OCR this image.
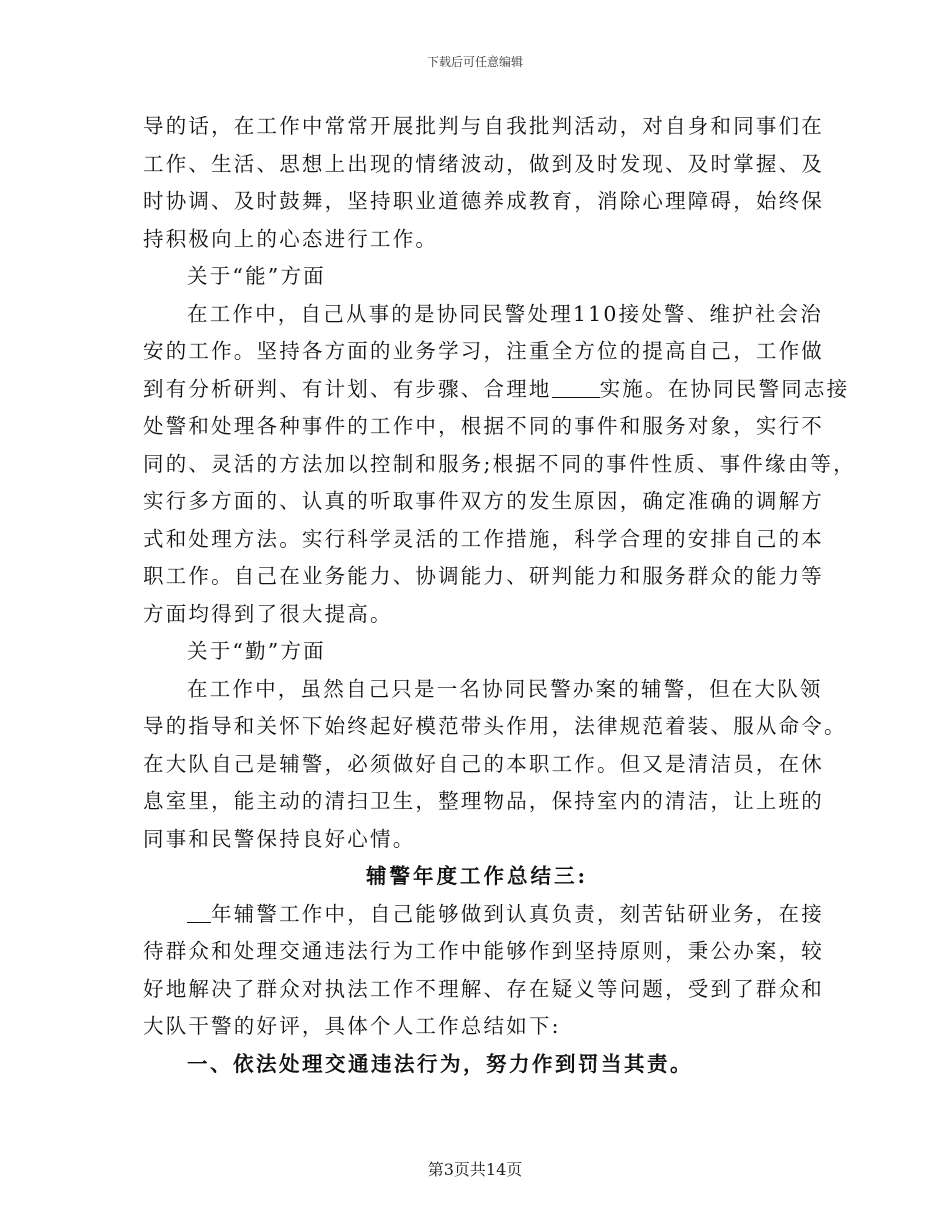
下载后可任意编辑
导的话，在工作中常常开展批判与自我批判活动，对自身和同事们在
工作、生活、思想上出现的情绪波动，做到及时发现、及时掌握、及
时协调、及时鼓舞，坚持职业道德养成教育，消除心理障碍，始终保
持积极向上的心态进行工作。
关于“能”方面
在工作中，自己从事的是协同民警处理110接处警、维护社会治
安的工作。坚持各方面的业务学习，注重全方位的提高自己，工作做
到有分析研判、有计划、有步骤、合理地 实施。在协同民警同志接
处警和处理各种事件的工作中，根据不同的事件和服务对象，实行不
同的、灵活的方法加以控制和服务;根据不同的事件性质、事件缘由等，
实行多方面的、认真的听取事件双方的发生原因，确定准确的调解方
式和处理方法。实行科学灵活的工作措施，科学合理的安排自己的本
职工作。自己在业务能力、协调能力、研判能力和服务群众的能力等
方面均得到了很大提高。
关于“勤”方面
在工作中，虽然自己只是一名协同民警办案的辅警，但在大队领
导的指导和关怀下始终起好模范带头作用，法律规范着装、服从命令。
在大队自己是辅警，必须做好自己的本职工作。但又是清洁员，在休
息室里，能主动的清扫卫生，整理物品，保持室内的清洁，让上班的
同事和民警保持良好心情。
辅警年度工作总结三:
年辅警工作中，自己能够做到认真负责，刻苦钻研业务，在接
待群众和处理交通违法行为工作中能够作到坚持原则，秉公办案，较
好地解决了群众对执法工作不理解、存在疑义等问题，受到了群众和
大队干警的好评，具体个人工作总结如下:
一、依法处理交通违法行为，努力作到罚当其责。
第3页共14页
